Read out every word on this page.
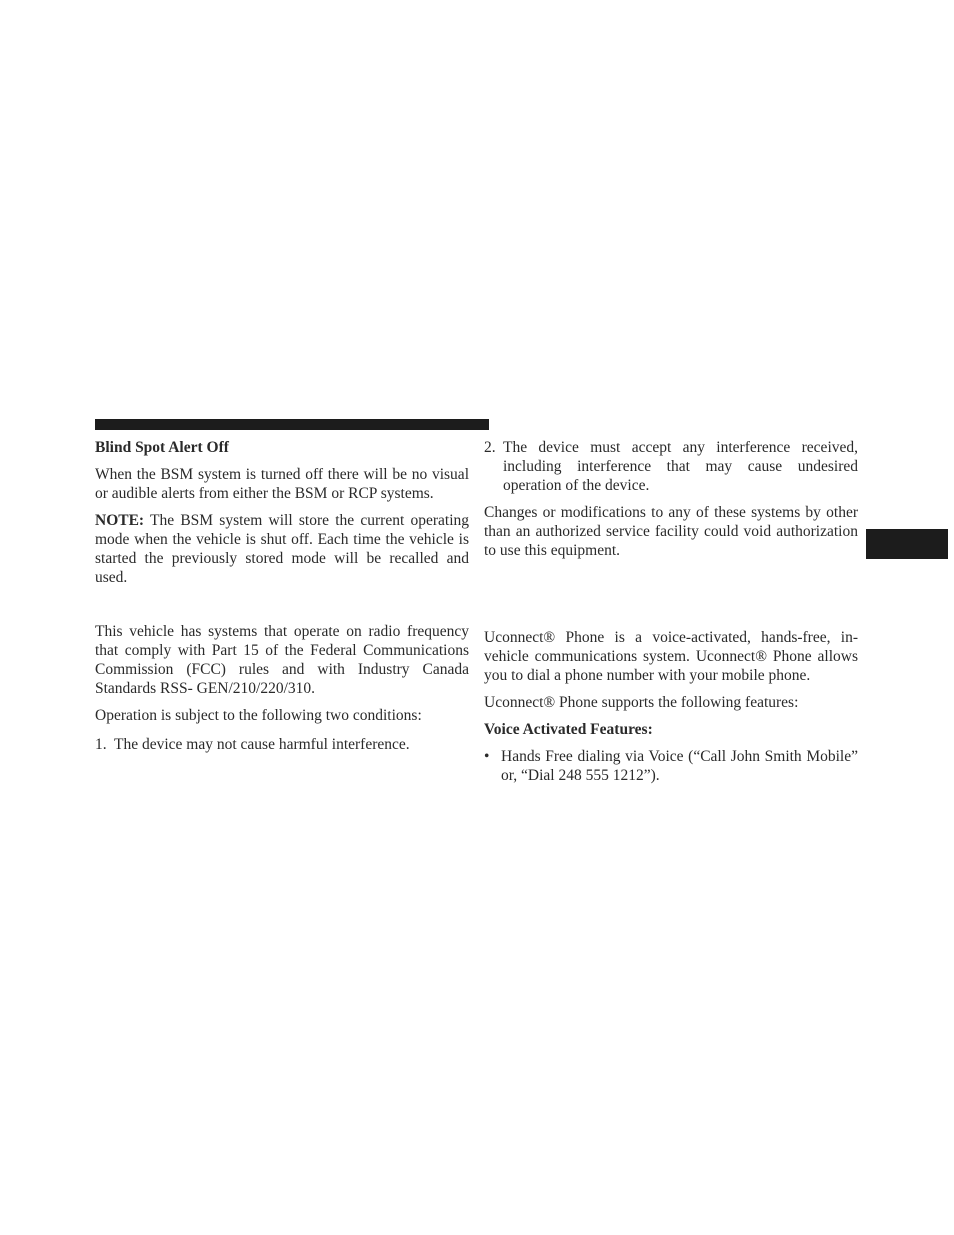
Blind Spot Alert Off

When the BSM system is turned off there will be no visual or audible alerts from either the BSM or RCP systems.

NOTE: The BSM system will store the current operating mode when the vehicle is shut off. Each time the vehicle is started the previously stored mode will be recalled and used.

This vehicle has systems that operate on radio frequency that comply with Part 15 of the Federal Communications Commission (FCC) rules and with Industry Canada Standards RSS- GEN/210/220/310.

Operation is subject to the following two conditions:

1. The device may not cause harmful interference.
2. The device must accept any interference received, including interference that may cause undesired operation of the device.

Changes or modifications to any of these systems by other than an authorized service facility could void authorization to use this equipment.

Uconnect® Phone is a voice-activated, hands-free, in-vehicle communications system. Uconnect® Phone allows you to dial a phone number with your mobile phone.

Uconnect® Phone supports the following features:

Voice Activated Features:

• Hands Free dialing via Voice (“Call John Smith Mobile” or, “Dial 248 555 1212”).
